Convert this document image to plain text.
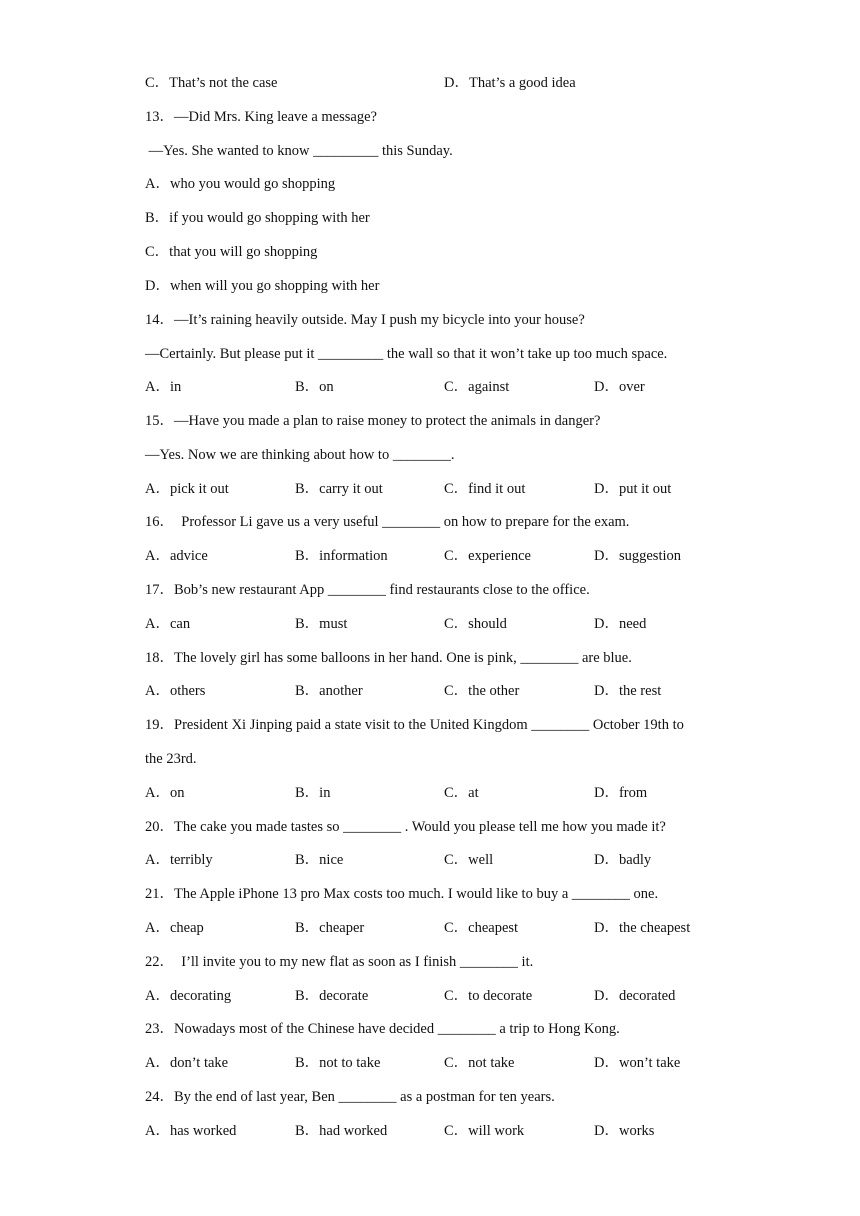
C．That’s not the case	D．That’s a good idea
13．—Did Mrs. King leave a message?
—Yes. She wanted to know _________ this Sunday.
A．who you would go shopping
B．if you would go shopping with her
C．that you will go shopping
D．when will you go shopping with her
14．—It’s raining heavily outside. May I push my bicycle into your house?
—Certainly. But please put it _________ the wall so that it won’t take up too much space.
A．in	B．on	C．against	D．over
15．—Have you made a plan to raise money to protect the animals in danger?
—Yes. Now we are thinking about how to ________.
A．pick it out	B．carry it out	C．find it out	D．put it out
16．  Professor Li gave us a very useful ________ on how to prepare for the exam.
A．advice	B．information	C．experience	D．suggestion
17．Bob’s new restaurant App ________ find restaurants close to the office.
A．can	B．must	C．should	D．need
18．The lovely girl has some balloons in her hand. One is pink, ________ are blue.
A．others	B．another	C．the other	D．the rest
19．President Xi Jinping paid a state visit to the United Kingdom ________ October 19th to
the 23rd.
A．on	B．in	C．at	D．from
20．The cake you made tastes so ________ . Would you please tell me how you made it?
A．terribly	B．nice	C．well	D．badly
21．The Apple iPhone 13 pro Max costs too much. I would like to buy a ________ one.
A．cheap	B．cheaper	C．cheapest	D．the cheapest
22．  I’ll invite you to my new flat as soon as I finish ________ it.
A．decorating	B．decorate	C．to decorate	D．decorated
23．Nowadays most of the Chinese have decided ________ a trip to Hong Kong.
A．don’t take	B．not to take	C．not take	D．won’t take
24．By the end of last year, Ben ________ as a postman for ten years.
A．has worked	B．had worked	C．will work	D．works
